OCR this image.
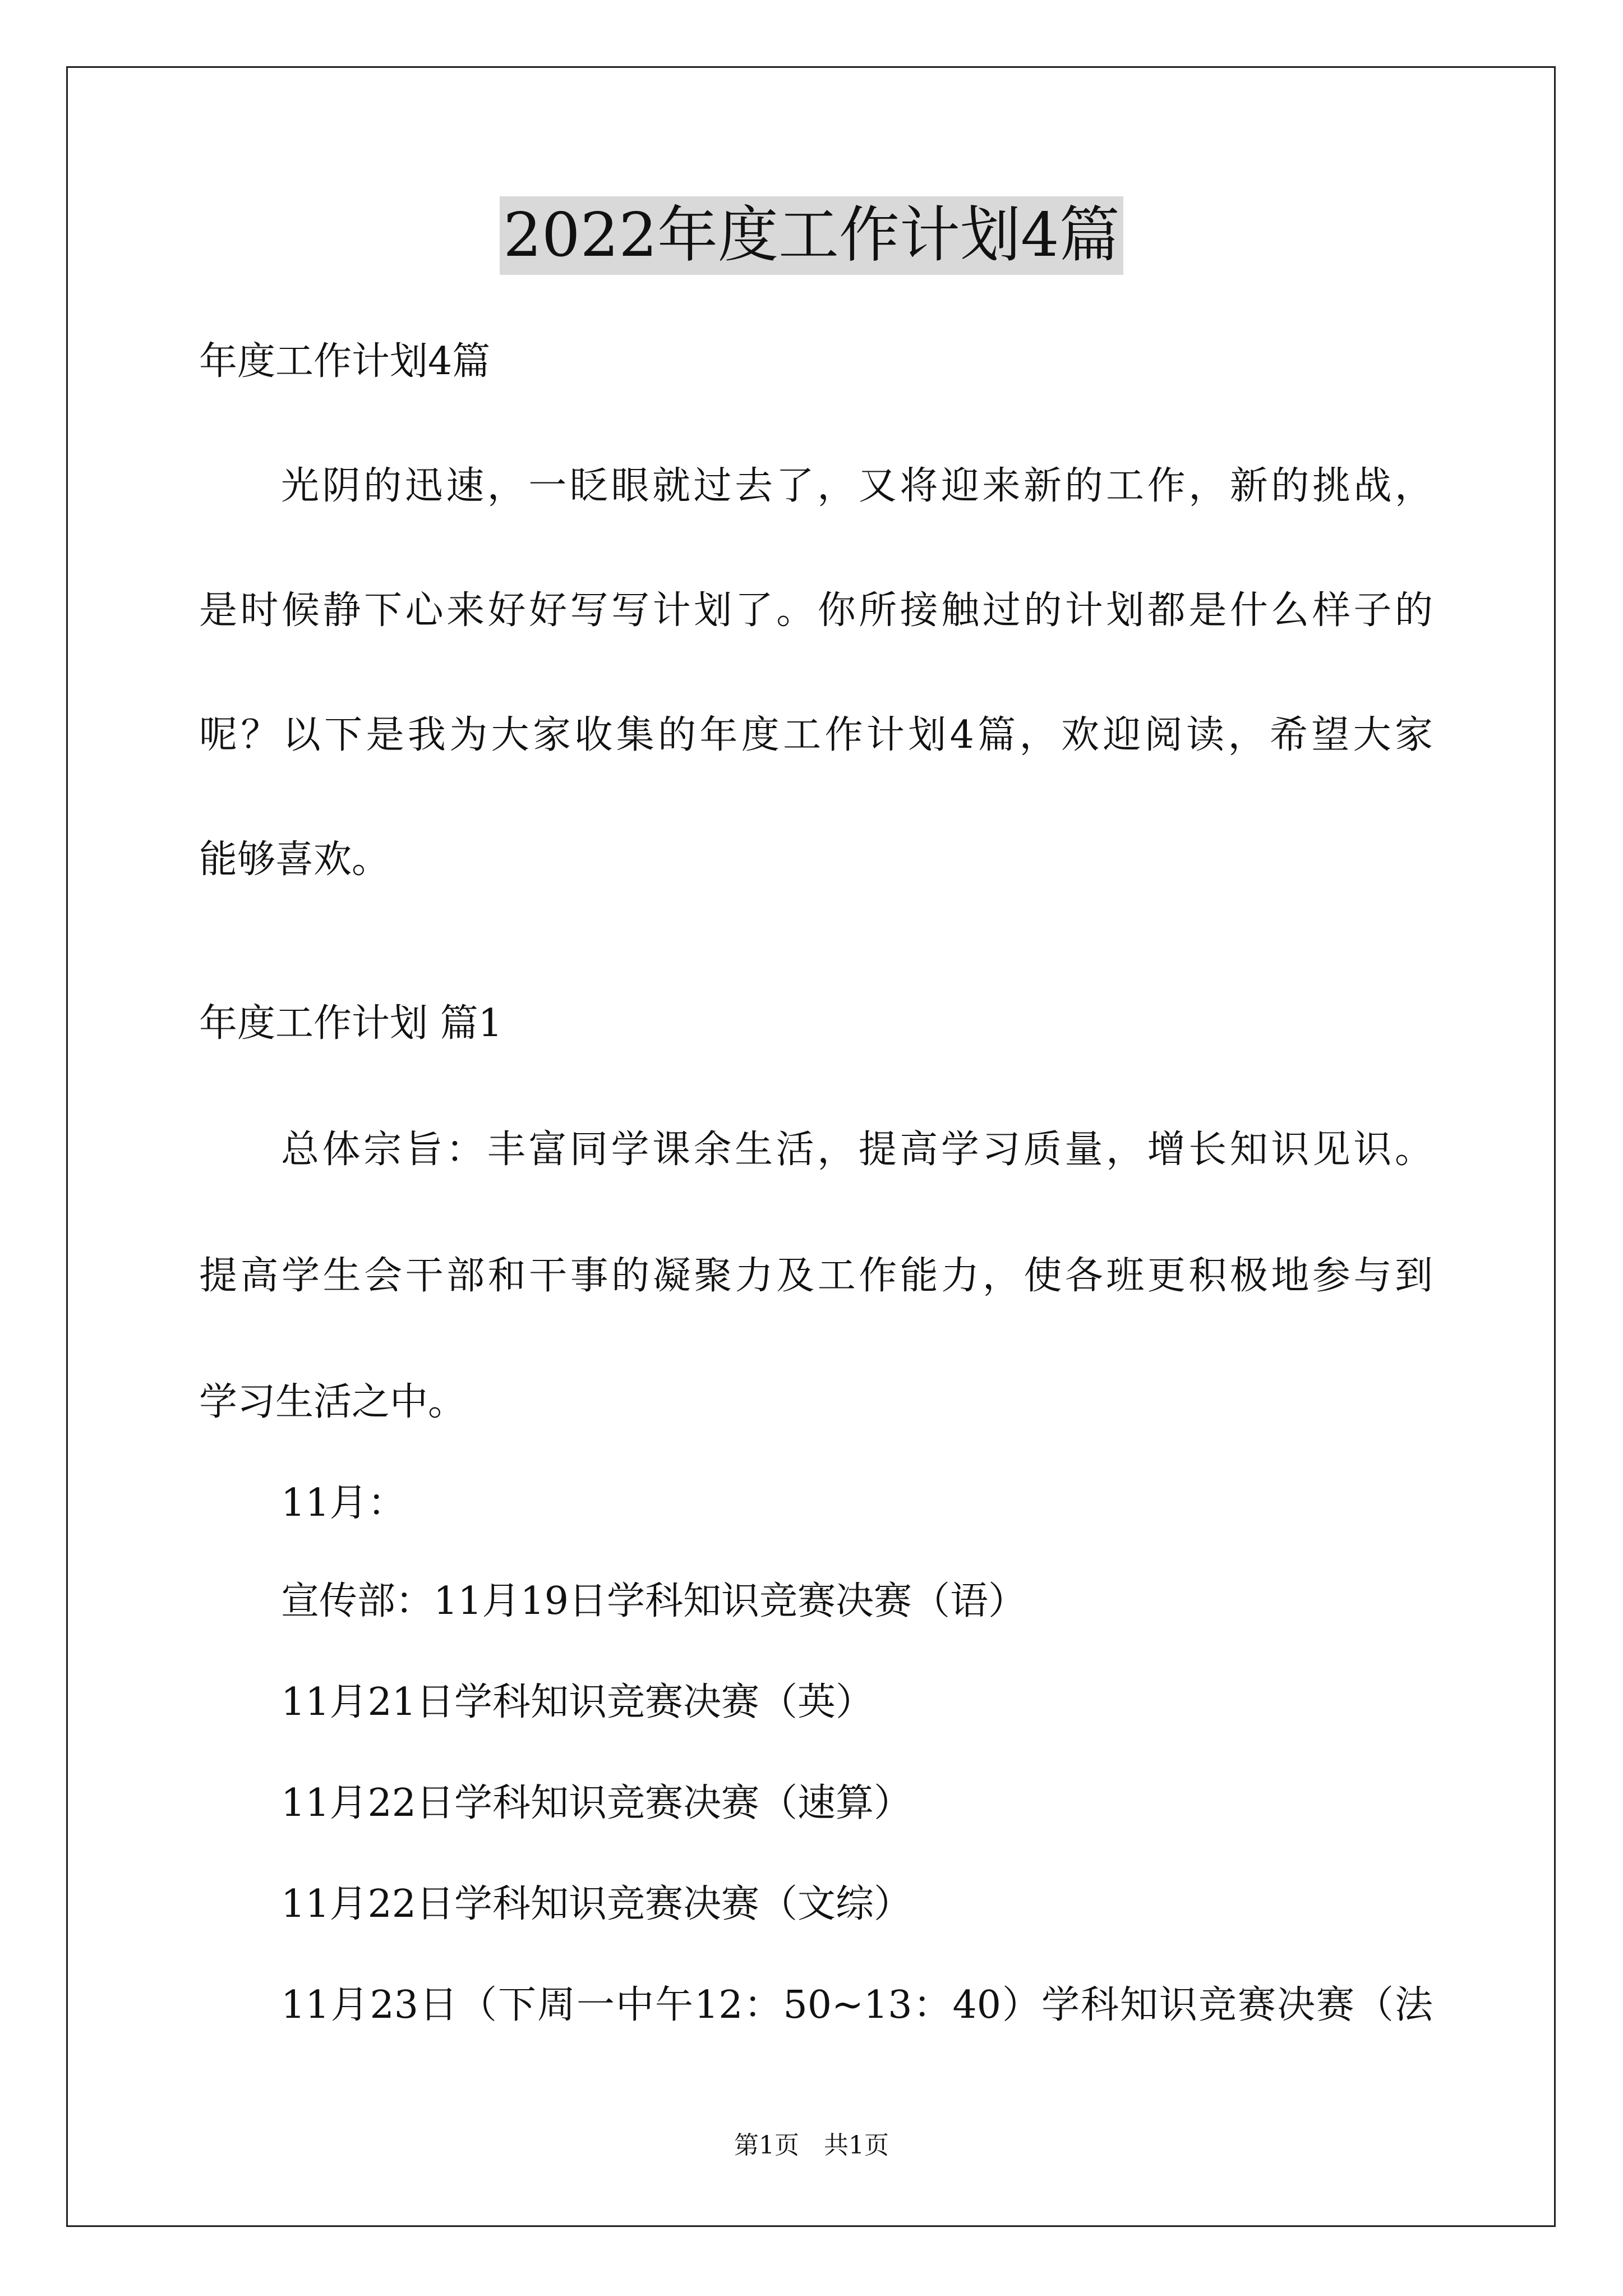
2022年度工作计划4篇
年度工作计划4篇
光阴的迅速，一眨眼就过去了，又将迎来新的工作，新的挑战，
是时候静下心来好好写写计划了。你所接触过的计划都是什么样子的
呢？以下是我为大家收集的年度工作计划4篇，欢迎阅读，希望大家
能够喜欢。
年度工作计划 篇1
总体宗旨：丰富同学课余生活，提高学习质量，增长知识见识。
提高学生会干部和干事的凝聚力及工作能力，使各班更积极地参与到
学习生活之中。
11月：
宣传部：11月19日学科知识竞赛决赛（语）
11月21日学科知识竞赛决赛（英）
11月22日学科知识竞赛决赛（速算）
11月22日学科知识竞赛决赛（文综）
11月23日（下周一中午12：50~13：40）学科知识竞赛决赛（法
第1页　共1页
